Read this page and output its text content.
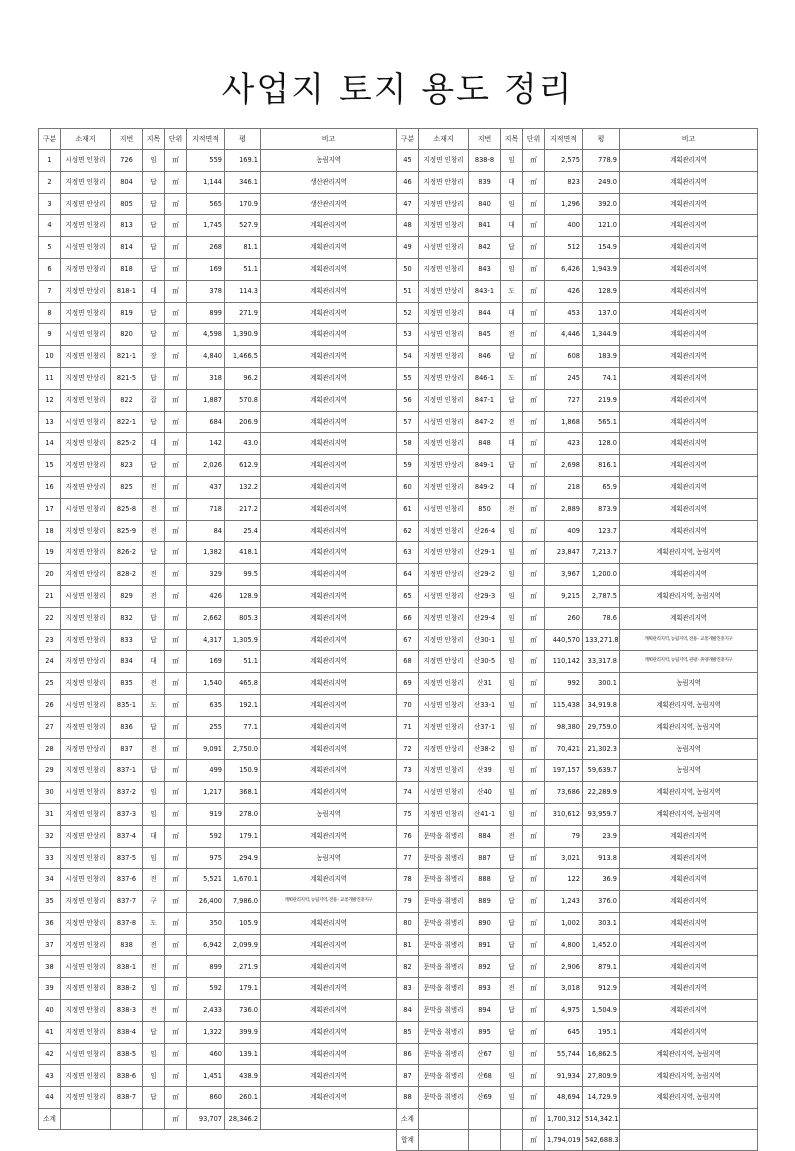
사업지 토지 용도 정리
구분	소재지	지번	지목	단위	지적면적	평	비고	구분	소재지	지번	지목	단위	지적면적	평	비고
1	시성면 인창리	726	임	㎡	559	169.1	농림지역	45	지정면 인창리	838-8	임	㎡	2,575	778.9	계획관리지역
2	지정면 인창리	804	답	㎡	1,144	346.1	생산관리지역	46	지정면 안창리	839	대	㎡	823	249.0	계획관리지역
3	지정면 안상리	805	답	㎡	565	170.9	생산관리지역	47	지정면 안상리	840	임	㎡	1,296	392.0	계획관리지역
4	지정면 인창리	813	답	㎡	1,745	527.9	계획관리지역	48	지정면 인창리	841	대	㎡	400	121.0	계획관리지역
5	시성면 인창리	814	답	㎡	268	81.1	계획관리지역	49	시성면 인창리	842	답	㎡	512	154.9	계획관리지역
6	지정면 안창리	818	답	㎡	169	51.1	계획관리지역	50	지정면 인창리	843	임	㎡	6,426	1,943.9	계획관리지역
7	지정면 안상리	818-1	대	㎡	378	114.3	계획관리지역	51	지정면 안상리	843-1	도	㎡	426	128.9	계획관리지역
8	지정면 인창리	819	답	㎡	899	271.9	계획관리지역	52	지정면 인창리	844	대	㎡	453	137.0	계획관리지역
9	시성면 인창리	820	답	㎡	4,598	1,390.9	계획관리지역	53	시성면 인창리	845	전	㎡	4,446	1,344.9	계획관리지역
10	지정면 인창리	821-1	장	㎡	4,840	1,466.5	계획관리지역	54	지정면 인창리	846	답	㎡	608	183.9	계획관리지역
11	지정면 안상리	821-5	답	㎡	318	96.2	계획관리지역	55	지정면 안상리	846-1	도	㎡	245	74.1	계획관리지역
12	지정면 인창리	822	잡	㎡	1,887	570.8	계획관리지역	56	지정면 인창리	847-1	답	㎡	727	219.9	계획관리지역
13	시성면 인창리	822-1	답	㎡	684	206.9	계획관리지역	57	시성면 인창리	847-2	전	㎡	1,868	565.1	계획관리지역
14	지정면 인창리	825-2	대	㎡	142	43.0	계획관리지역	58	지정면 인창리	848	대	㎡	423	128.0	계획관리지역
15	지정면 안창리	823	답	㎡	2,026	612.9	계획관리지역	59	지정면 안상리	849-1	답	㎡	2,698	816.1	계획관리지역
16	지정면 안상리	825	전	㎡	437	132.2	계획관리지역	60	지정면 인창리	849-2	대	㎡	218	65.9	계획관리지역
17	시성면 인창리	825-8	전	㎡	718	217.2	계획관리지역	61	시성면 인창리	850	전	㎡	2,889	873.9	계획관리지역
18	지정면 인창리	825-9	전	㎡	84	25.4	계획관리지역	62	지정면 인창리	산26-4	임	㎡	409	123.7	계획관리지역
19	지정면 안창리	826-2	답	㎡	1,382	418.1	계획관리지역	63	지정면 안창리	산29-1	임	㎡	23,847	7,213.7	계획관리지역, 농림지역
20	지정면 안상리	828-2	전	㎡	329	99.5	계획관리지역	64	지정면 안상리	산29-2	임	㎡	3,967	1,200.0	계획관리지역
21	시성면 인창리	829	전	㎡	426	128.9	계획관리지역	65	시성면 인창리	산29-3	임	㎡	9,215	2,787.5	계획관리지역, 농림지역
22	지정면 인창리	832	답	㎡	2,662	805.3	계획관리지역	66	지정면 인창리	산29-4	임	㎡	260	78.6	계획관리지역
23	지정면 안창리	833	답	㎡	4,317	1,305.9	계획관리지역	67	지정면 안창리	산30-1	임	㎡	440,570	133,271.8	계획관리지역, 농림지역, 전용 · 교통개발진흥지구
24	지정면 안상리	834	대	㎡	169	51.1	계획관리지역	68	지정면 안상리	산30-5	임	㎡	110,142	33,317.8	계획관리지역, 농림지역, 관광 · 휴양개발진흥지구
25	지정면 인창리	835	전	㎡	1,540	465.8	계획관리지역	69	지정면 인창리	산31	임	㎡	992	300.1	농림지역
26	시성면 인창리	835-1	도	㎡	635	192.1	계획관리지역	70	시성면 인창리	산33-1	임	㎡	115,438	34,919.8	계획관리지역, 농림지역
27	지정면 인창리	836	답	㎡	255	77.1	계획관리지역	71	지정면 인창리	산37-1	임	㎡	98,380	29,759.0	계획관리지역, 농림지역
28	지정면 안상리	837	전	㎡	9,091	2,750.0	계획관리지역	72	지정면 안상리	산38-2	임	㎡	70,421	21,302.3	농림지역
29	지정면 인창리	837-1	답	㎡	499	150.9	계획관리지역	73	지정면 인창리	산39	임	㎡	197,157	59,639.7	농림지역
30	시성면 인창리	837-2	임	㎡	1,217	368.1	계획관리지역	74	시성면 인창리	산40	임	㎡	73,686	22,289.9	계획관리지역, 농림지역
31	지정면 인창리	837-3	임	㎡	919	278.0	농림지역	75	지정면 인창리	산41-1	임	㎡	310,612	93,959.7	계획관리지역, 농림지역
32	지정면 안상리	837-4	대	㎡	592	179.1	계획관리지역	76	문막읍 취병리	884	전	㎡	79	23.9	계획관리지역
33	지정면 인창리	837-5	임	㎡	975	294.9	농림지역	77	문막읍 취병리	887	답	㎡	3,021	913.8	계획관리지역
34	시성면 인창리	837-6	전	㎡	5,521	1,670.1	계획관리지역	78	문막읍 취병리	888	답	㎡	122	36.9	계획관리지역
35	지정면 인창리	837-7	구	㎡	26,400	7,986.0	계획관리지역, 농림지역, 전용 · 교통개발진흥지구	79	문막읍 취병리	889	답	㎡	1,243	376.0	계획관리지역
36	지정면 안창리	837-8	도	㎡	350	105.9	계획관리지역	80	문막읍 취병리	890	답	㎡	1,002	303.1	계획관리지역
37	지정면 인창리	838	전	㎡	6,942	2,099.9	계획관리지역	81	문막읍 취병리	891	답	㎡	4,800	1,452.0	계획관리지역
38	시성면 인창리	838-1	전	㎡	899	271.9	계획관리지역	82	문막읍 취병리	892	답	㎡	2,906	879.1	계획관리지역
39	지정면 인창리	838-2	임	㎡	592	179.1	계획관리지역	83	문막읍 취병리	893	전	㎡	3,018	912.9	계획관리지역
40	지정면 안창리	838-3	전	㎡	2,433	736.0	계획관리지역	84	문막읍 취병리	894	답	㎡	4,975	1,504.9	계획관리지역
41	지정면 인창리	838-4	답	㎡	1,322	399.9	계획관리지역	85	문막읍 취병리	895	답	㎡	645	195.1	계획관리지역
42	시성면 인창리	838-5	임	㎡	460	139.1	계획관리지역	86	문막읍 취병리	산67	임	㎡	55,744	16,862.5	계획관리지역, 농림지역
43	지정면 인창리	838-6	임	㎡	1,451	438.9	계획관리지역	87	문막읍 취병리	산68	임	㎡	91,934	27,809.9	계획관리지역, 농림지역
44	지정면 인창리	838-7	답	㎡	860	260.1	계획관리지역	88	문막읍 취병리	산69	임	㎡	48,694	14,729.9	계획관리지역, 농림지역
소계				㎡	93,707	28,346.2		소계				㎡	1,700,312	514,342.1	
								합계				㎡	1,794,019	542,688.3	
